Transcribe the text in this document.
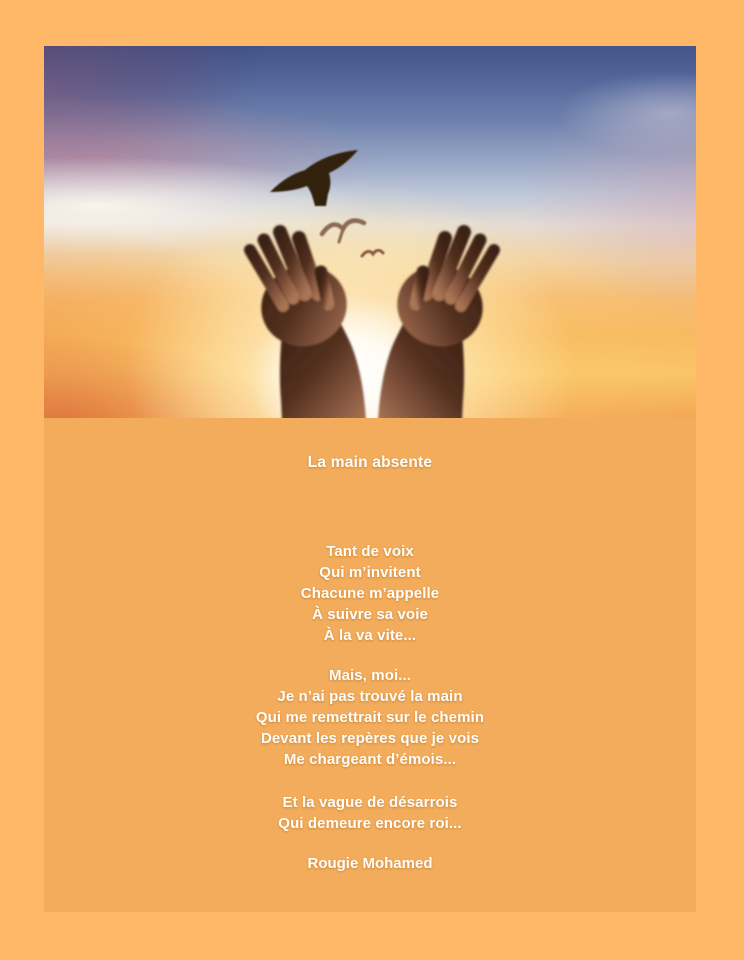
La main absente
Tant de voix
Qui m’invitent
Chacune m’appelle
À suivre sa voie
À la va vite...
Mais, moi...
Je n’ai pas trouvé la main
Qui me remettrait sur le chemin
Devant les repères que je vois
Me chargeant d’émois...
Et la vague de désarrois
Qui demeure encore roi...
Rougie Mohamed
